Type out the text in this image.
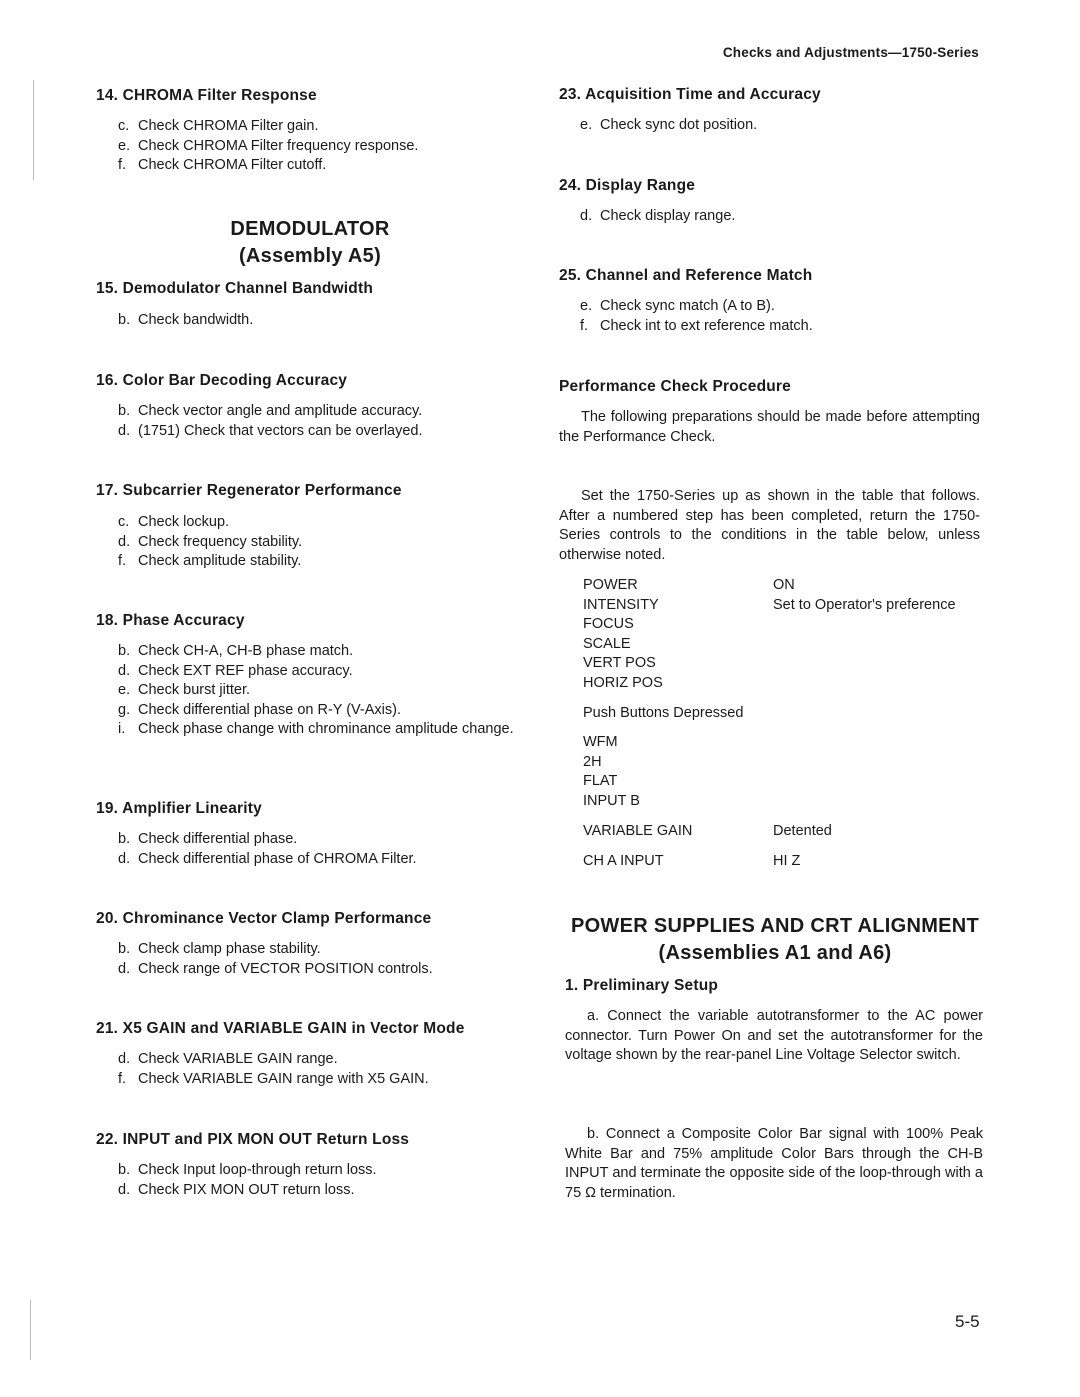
Checks and Adjustments—1750-Series
14. CHROMA Filter Response
c. Check CHROMA Filter gain.
e. Check CHROMA Filter frequency response.
f. Check CHROMA Filter cutoff.
DEMODULATOR
(Assembly A5)
15. Demodulator Channel Bandwidth
b. Check bandwidth.
16. Color Bar Decoding Accuracy
b. Check vector angle and amplitude accuracy.
d. (1751) Check that vectors can be overlayed.
17. Subcarrier Regenerator Performance
c. Check lockup.
d. Check frequency stability.
f. Check amplitude stability.
18. Phase Accuracy
b. Check CH-A, CH-B phase match.
d. Check EXT REF phase accuracy.
e. Check burst jitter.
g. Check differential phase on R-Y (V-Axis).
i. Check phase change with chrominance amplitude change.
19. Amplifier Linearity
b. Check differential phase.
d. Check differential phase of CHROMA Filter.
20. Chrominance Vector Clamp Performance
b. Check clamp phase stability.
d. Check range of VECTOR POSITION controls.
21. X5 GAIN and VARIABLE GAIN in Vector Mode
d. Check VARIABLE GAIN range.
f. Check VARIABLE GAIN range with X5 GAIN.
22. INPUT and PIX MON OUT Return Loss
b. Check Input loop-through return loss.
d. Check PIX MON OUT return loss.
23. Acquisition Time and Accuracy
e. Check sync dot position.
24. Display Range
d. Check display range.
25. Channel and Reference Match
e. Check sync match (A to B).
f. Check int to ext reference match.
Performance Check Procedure
The following preparations should be made before attempting the Performance Check.
Set the 1750-Series up as shown in the table that follows. After a numbered step has been completed, return the 1750-Series controls to the conditions in the table below, unless otherwise noted.
POWER	ON
INTENSITY	Set to Operator's preference
FOCUS
SCALE
VERT POS
HORIZ POS
Push Buttons Depressed
WFM
2H
FLAT
INPUT B
VARIABLE GAIN	Detented
CH A INPUT	HI Z
POWER SUPPLIES AND CRT ALIGNMENT
(Assemblies A1 and A6)
1. Preliminary Setup
a. Connect the variable autotransformer to the AC power connector. Turn Power On and set the autotransformer for the voltage shown by the rear-panel Line Voltage Selector switch.
b. Connect a Composite Color Bar signal with 100% Peak White Bar and 75% amplitude Color Bars through the CH-B INPUT and terminate the opposite side of the loop-through with a 75 Ω termination.
5-5
